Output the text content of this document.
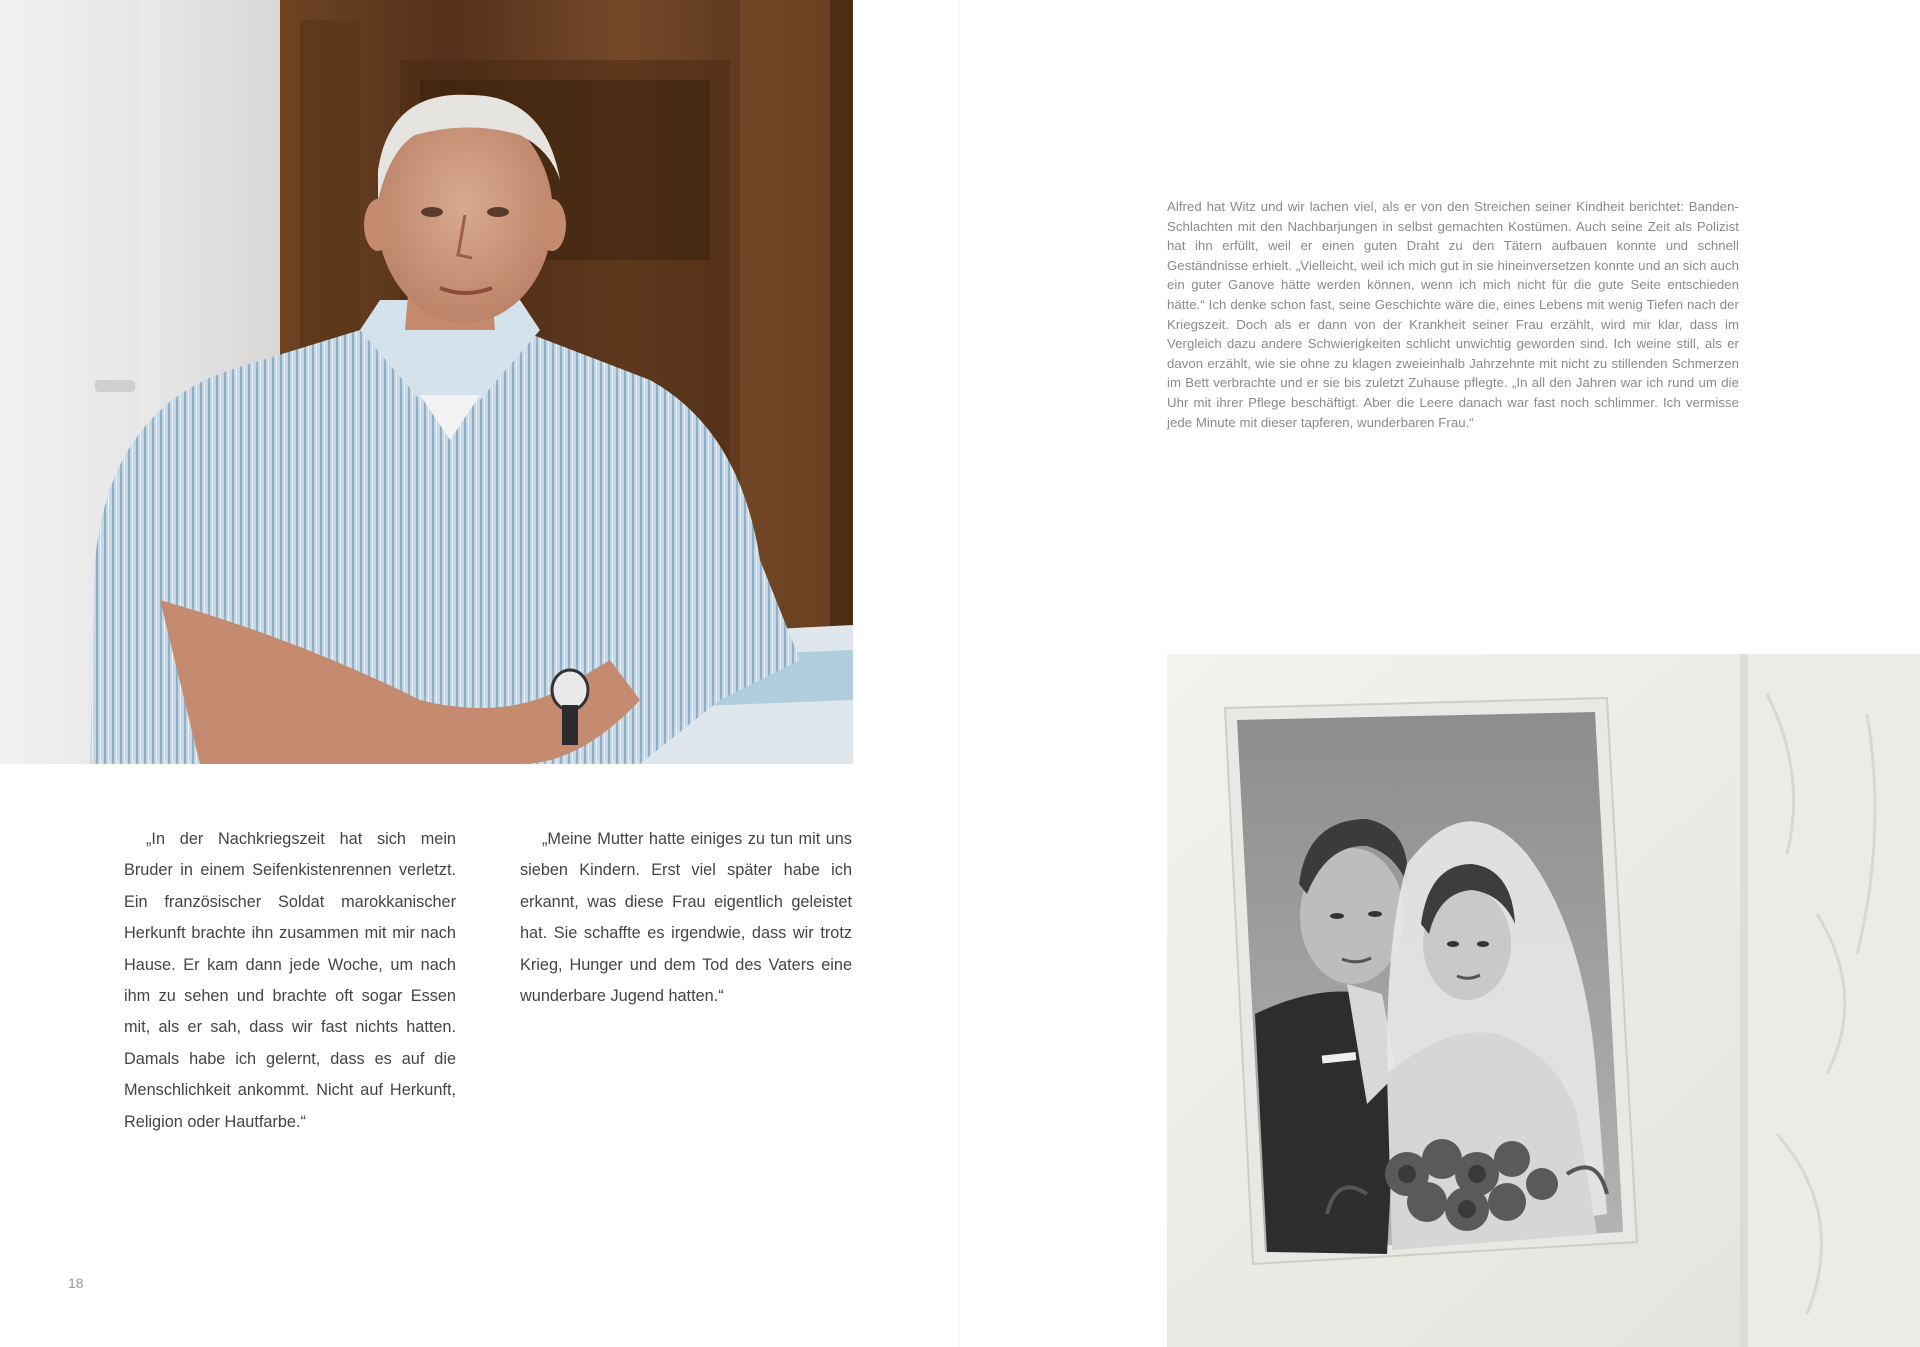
„In der Nachkriegszeit hat sich mein Bruder in einem Seifenkistenrennen verletzt. Ein französischer Soldat marokkanischer Herkunft brachte ihn zusammen mit mir nach Hause. Er kam dann jede Woche, um nach ihm zu sehen und brachte oft sogar Essen mit, als er sah, dass wir fast nichts hatten. Damals habe ich gelernt, dass es auf die Menschlichkeit ankommt. Nicht auf Herkunft, Religion oder Hautfarbe.“
„Meine Mutter hatte einiges zu tun mit uns sieben Kindern. Erst viel später habe ich erkannt, was diese Frau eigentlich geleistet hat. Sie schaffte es irgendwie, dass wir trotz Krieg, Hunger und dem Tod des Vaters eine wunderbare Jugend hatten.“
18
Alfred hat Witz und wir lachen viel, als er von den Streichen seiner Kindheit berichtet: Banden-Schlachten mit den Nachbarjungen in selbst gemachten Kostümen. Auch seine Zeit als Polizist hat ihn erfüllt, weil er einen guten Draht zu den Tätern aufbauen konnte und schnell Geständnisse erhielt. „Vielleicht, weil ich mich gut in sie hineinversetzen konnte und an sich auch ein guter Ganove hätte werden können, wenn ich mich nicht für die gute Seite entschieden hätte.“ Ich denke schon fast, seine Geschichte wäre die, eines Lebens mit wenig Tiefen nach der Kriegszeit. Doch als er dann von der Krankheit seiner Frau erzählt, wird mir klar, dass im Vergleich dazu andere Schwierigkeiten schlicht unwichtig geworden sind. Ich weine still, als er davon erzählt, wie sie ohne zu klagen zweieinhalb Jahrzehnte mit nicht zu stillenden Schmerzen im Bett verbrachte und er sie bis zuletzt Zuhause pflegte. „In all den Jahren war ich rund um die Uhr mit ihrer Pflege beschäftigt. Aber die Leere danach war fast noch schlimmer. Ich vermisse jede Minute mit dieser tapferen, wunderbaren Frau.“
